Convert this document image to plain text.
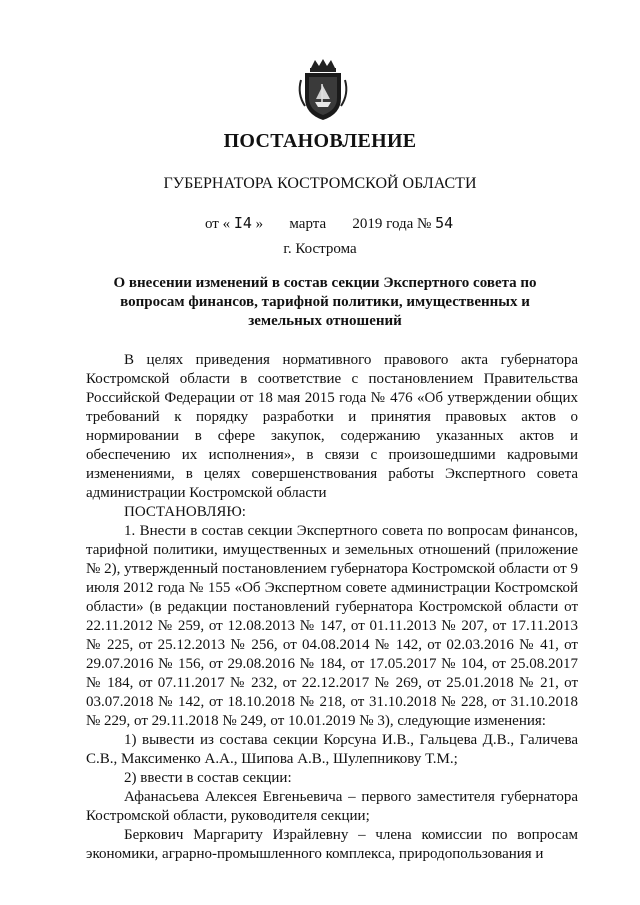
ПОСТАНОВЛЕНИЕ
ГУБЕРНАТОРА КОСТРОМСКОЙ ОБЛАСТИ
от « I4 » марта 2019 года № 54
г. Кострома
О внесении изменений в состав секции Экспертного совета по вопросам финансов, тарифной политики, имущественных и земельных отношений

В целях приведения нормативного правового акта губернатора Костромской области в соответствие с постановлением Правительства Российской Федерации от 18 мая 2015 года № 476 «Об утверждении общих требований к порядку разработки и принятия правовых актов о нормировании в сфере закупок, содержанию указанных актов и обеспечению их исполнения», в связи с произошедшими кадровыми изменениями, в целях совершенствования работы Экспертного совета администрации Костромской области

ПОСТАНОВЛЯЮ:

1. Внести в состав секции Экспертного совета по вопросам финансов, тарифной политики, имущественных и земельных отношений (приложение № 2), утвержденный постановлением губернатора Костромской области от 9 июля 2012 года № 155 «Об Экспертном совете администрации Костромской области» (в редакции постановлений губернатора Костромской области от 22.11.2012 № 259, от 12.08.2013 № 147, от 01.11.2013 № 207, от 17.11.2013 № 225, от 25.12.2013 № 256, от 04.08.2014 № 142, от 02.03.2016 № 41, от 29.07.2016 № 156, от 29.08.2016 № 184, от 17.05.2017 № 104, от 25.08.2017 № 184, от 07.11.2017 № 232, от 22.12.2017 № 269, от 25.01.2018 № 21, от 03.07.2018 № 142, от 18.10.2018 № 218, от 31.10.2018 № 228, от 31.10.2018 № 229, от 29.11.2018 № 249, от 10.01.2019 № 3), следующие изменения:

1) вывести из состава секции Корсуна И.В., Гальцева Д.В., Галичева С.В., Максименко А.А., Шипова А.В., Шулепникову Т.М.;

2) ввести в состав секции:

Афанасьева Алексея Евгеньевича – первого заместителя губернатора Костромской области, руководителя секции;

Беркович Маргариту Израйлевну – члена комиссии по вопросам экономики, аграрно-промышленного комплекса, природопользования и
